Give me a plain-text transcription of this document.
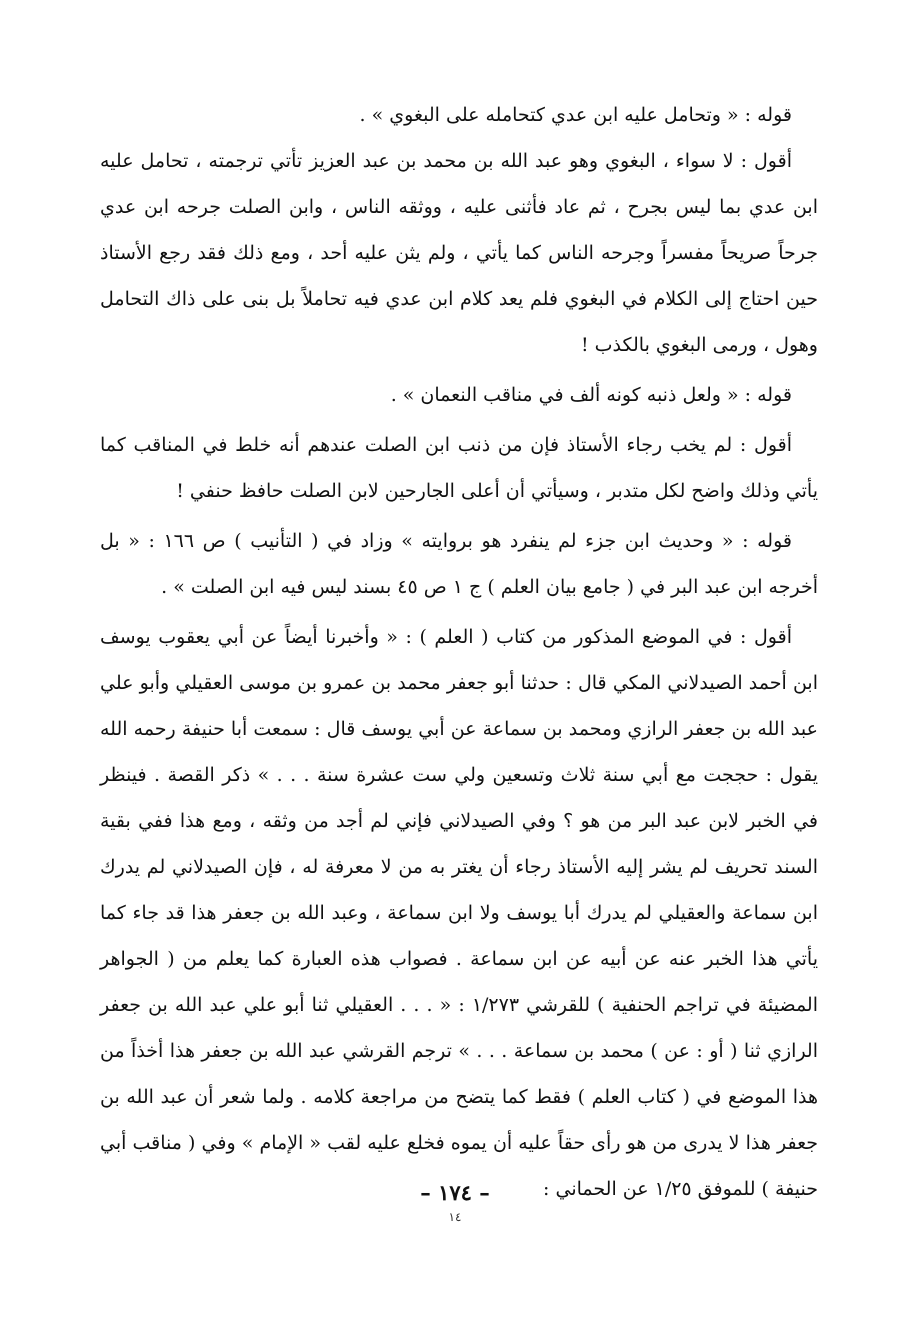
قوله : « وتحامل عليه ابن عدي كتحامله على البغوي » .

أقول : لا سواء ، البغوي وهو عبد الله بن محمد بن عبد العزيز تأتي ترجمته ، تحامل عليه ابن عدي بما ليس بجرح ، ثم عاد فأثنى عليه ، ووثقه الناس ، وابن الصلت جرحه ابن عدي جرحاً صريحاً مفسراً وجرحه الناس كما يأتي ، ولم يثن عليه أحد ، ومع ذلك فقد رجع الأستاذ حين احتاج إلى الكلام في البغوي فلم يعد كلام ابن عدي فيه تحاملاً بل بنى على ذاك التحامل وهول ، ورمى البغوي بالكذب !

قوله : « ولعل ذنبه كونه ألف في مناقب النعمان » .

أقول : لم يخب رجاء الأستاذ فإن من ذنب ابن الصلت عندهم أنه خلط في المناقب كما يأتي وذلك واضح لكل متدبر ، وسيأتي أن أعلى الجارحين لابن الصلت حافظ حنفي !

قوله : « وحديث ابن جزء لم ينفرد هو بروايته » وزاد في ( التأنيب ) ص ١٦٦ : « بل أخرجه ابن عبد البر في ( جامع بيان العلم ) ج ١ ص ٤٥ بسند ليس فيه ابن الصلت » .

أقول : في الموضع المذكور من كتاب ( العلم ) : « وأخبرنا أيضاً عن أبي يعقوب يوسف ابن أحمد الصيدلاني المكي قال : حدثنا أبو جعفر محمد بن عمرو بن موسى العقيلي وأبو علي عبد الله بن جعفر الرازي ومحمد بن سماعة عن أبي يوسف قال : سمعت أبا حنيفة رحمه الله يقول : حججت مع أبي سنة ثلاث وتسعين ولي ست عشرة سنة . . . » ذكر القصة . فينظر في الخبر لابن عبد البر من هو ؟ وفي الصيدلاني فإني لم أجد من وثقه ، ومع هذا ففي بقية السند تحريف لم يشر إليه الأستاذ رجاء أن يغتر به من لا معرفة له ، فإن الصيدلاني لم يدرك ابن سماعة والعقيلي لم يدرك أبا يوسف ولا ابن سماعة ، وعبد الله بن جعفر هذا قد جاء كما يأتي هذا الخبر عنه عن أبيه عن ابن سماعة . فصواب هذه العبارة كما يعلم من ( الجواهر المضيئة في تراجم الحنفية ) للقرشي ١/٢٧٣ : « . . . العقيلي ثنا أبو علي عبد الله بن جعفر الرازي ثنا ( أو : عن ) محمد بن سماعة . . . » ترجم القرشي عبد الله بن جعفر هذا أخذاً من هذا الموضع في ( كتاب العلم ) فقط كما يتضح من مراجعة كلامه . ولما شعر أن عبد الله بن جعفر هذا لا يدرى من هو رأى حقاً عليه أن يموه فخلع عليه لقب « الإمام » وفي ( مناقب أبي حنيفة ) للموفق ١/٢٥ عن الحماني :

– ١٧٤ –
١٤
